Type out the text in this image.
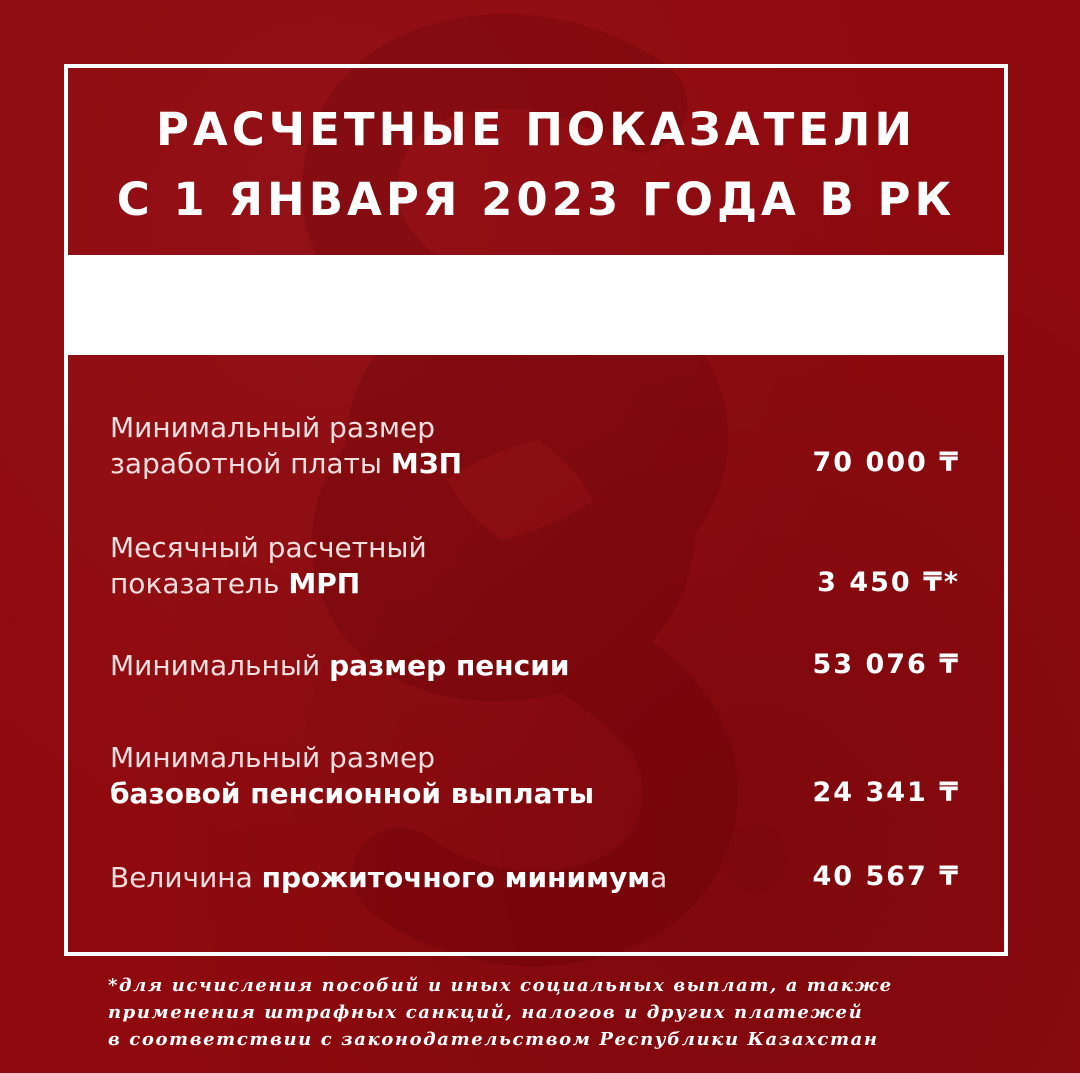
РАСЧЕТНЫЕ ПОКАЗАТЕЛИ
С 1 ЯНВАРЯ 2023 ГОДА В РК
Минимальный размер
заработной платы МЗП	70 000 ₸
Месячный расчетный
показатель МРП	3 450 ₸*
Минимальный размер пенсии	53 076 ₸
Минимальный размер
базовой пенсионной выплаты	24 341 ₸
Величина прожиточного минимума	40 567 ₸
*для исчисления пособий и иных социальных выплат, а также
применения штрафных санкций, налогов и других платежей
в соответствии с законодательством Республики Казахстан
